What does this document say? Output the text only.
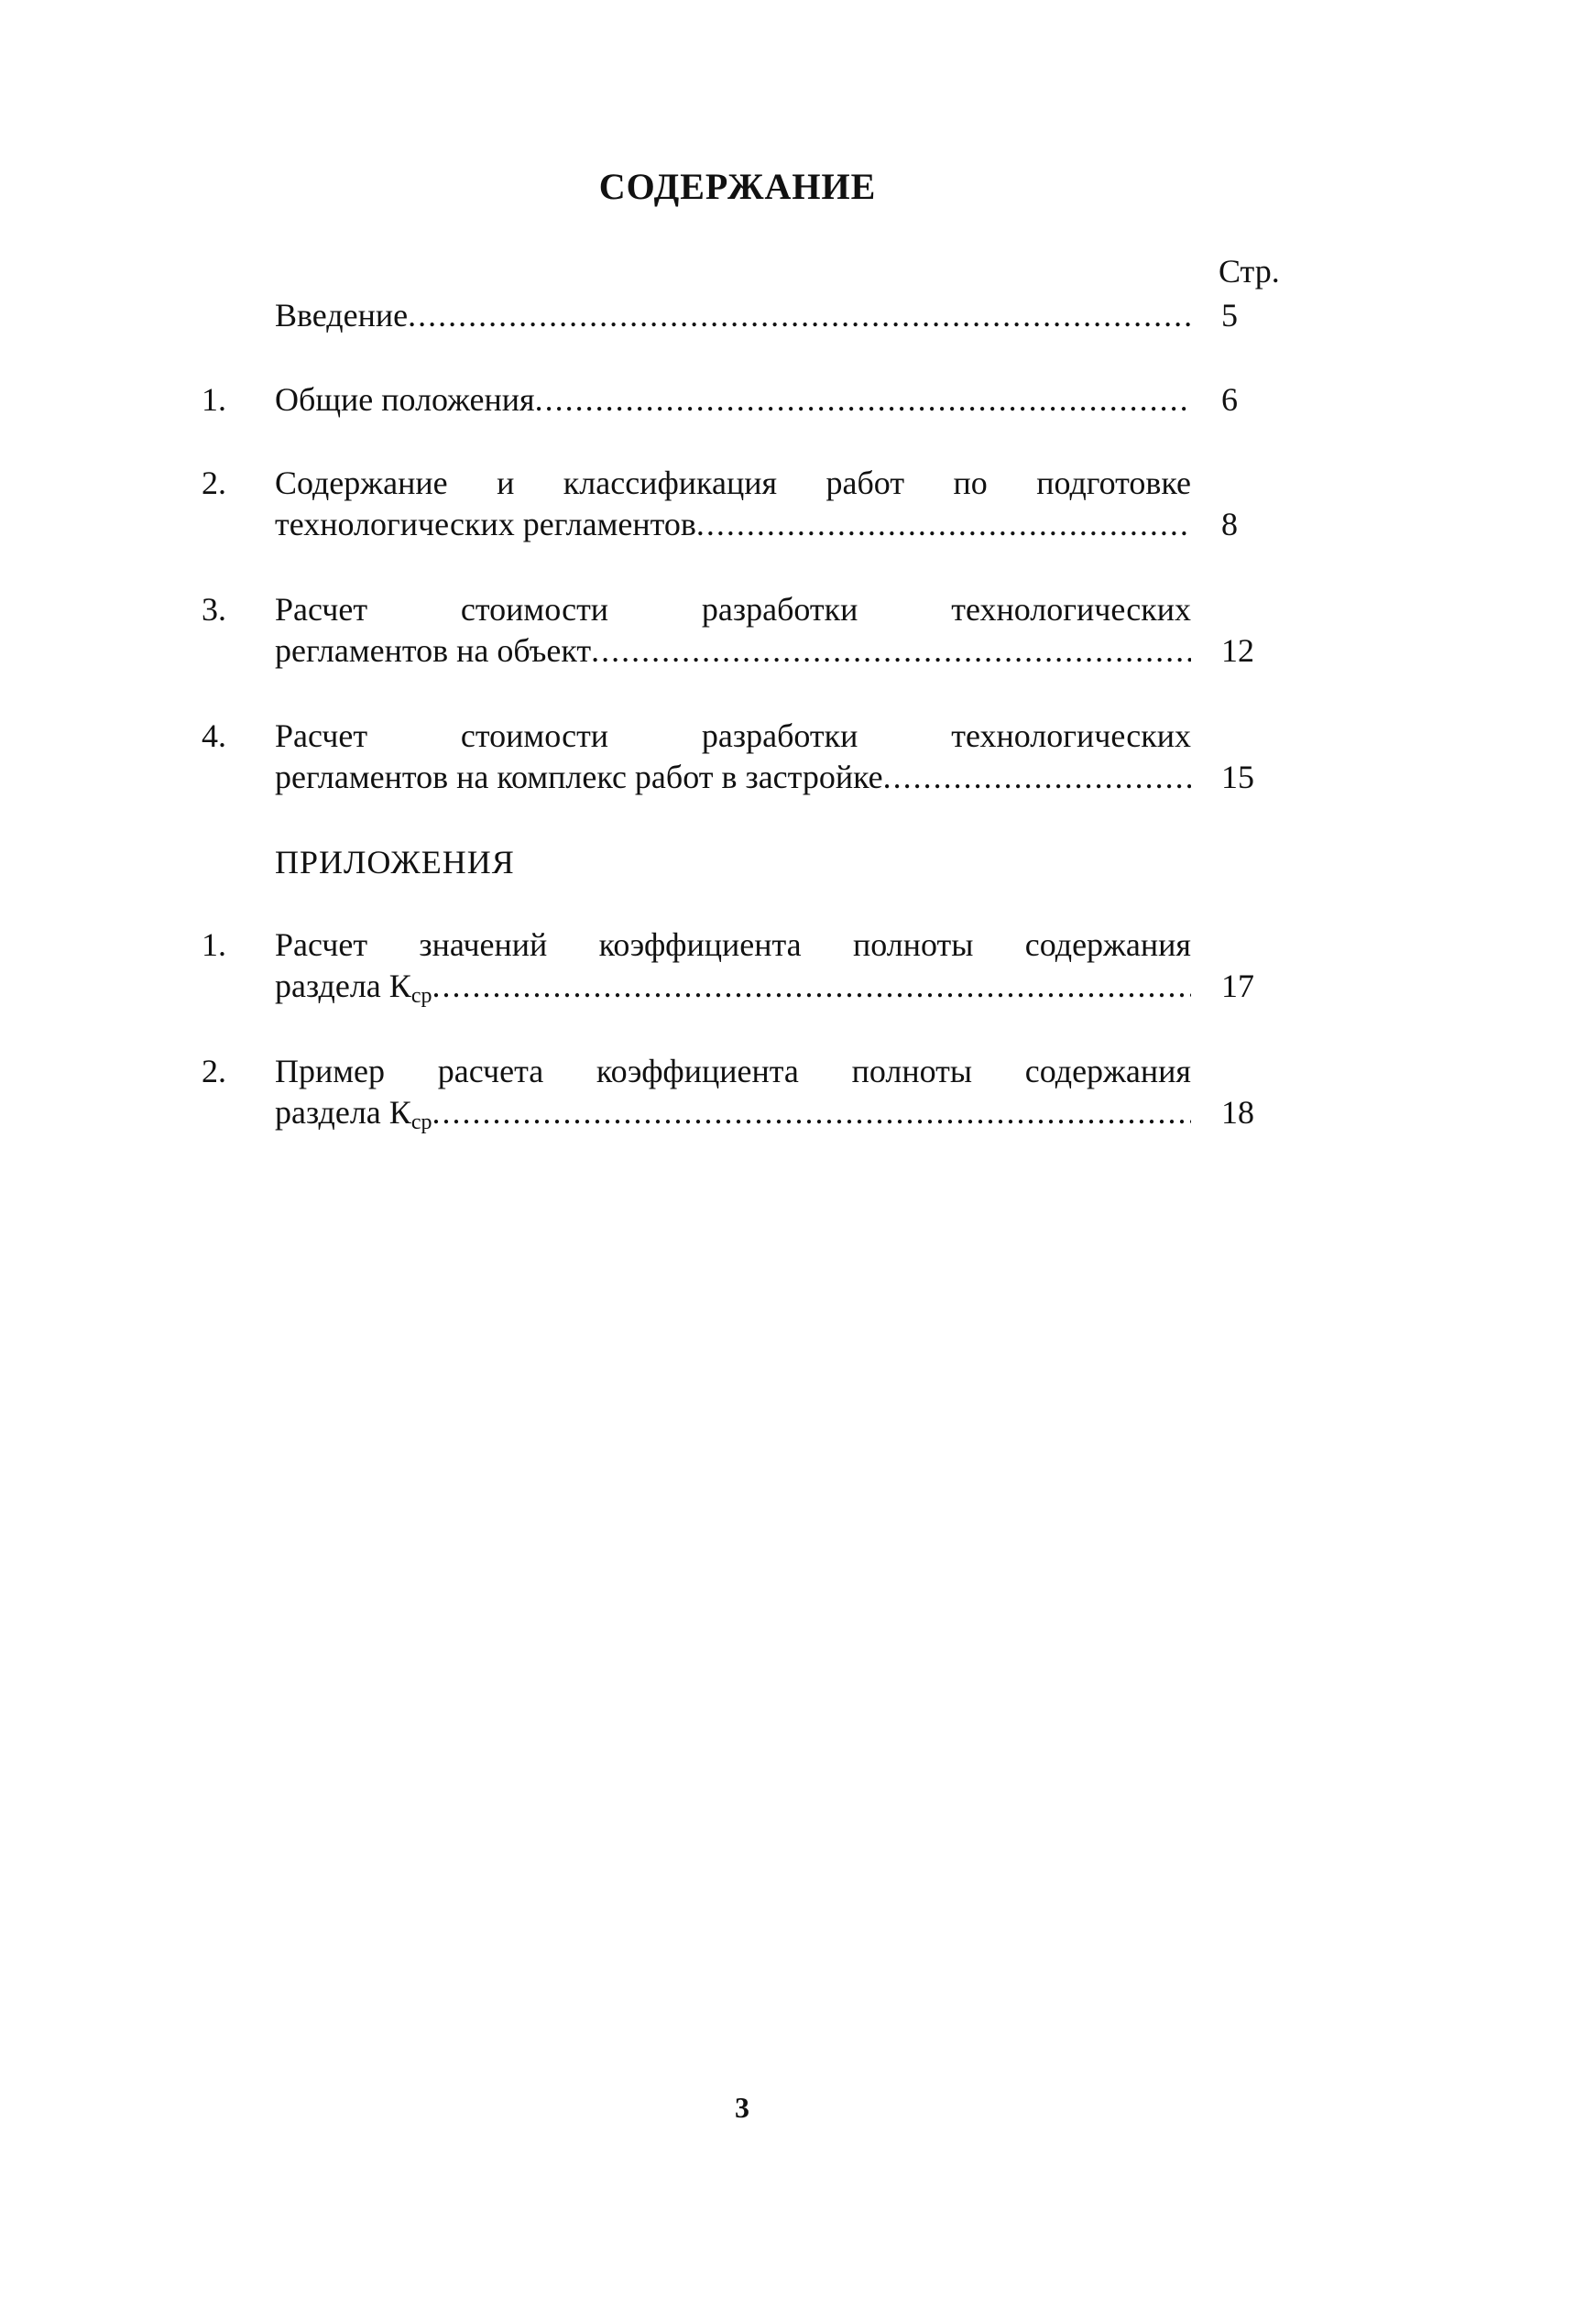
СОДЕРЖАНИЕ
Стр.
Введение .....	5
1. Общие положения .....	6
2. Содержание и классификация работ по подготовке
технологических регламентов .....	8
3. Расчет стоимости разработки технологических
регламентов на объект .....	12
4. Расчет стоимости разработки технологических
регламентов на комплекс работ в застройке .....	15
ПРИЛОЖЕНИЯ
1. Расчет значений коэффициента полноты содержания
раздела $К_{ср}$ .....	17
2. Пример расчета коэффициента полноты содержания
раздела $К_{ср}$ .....	18
3
